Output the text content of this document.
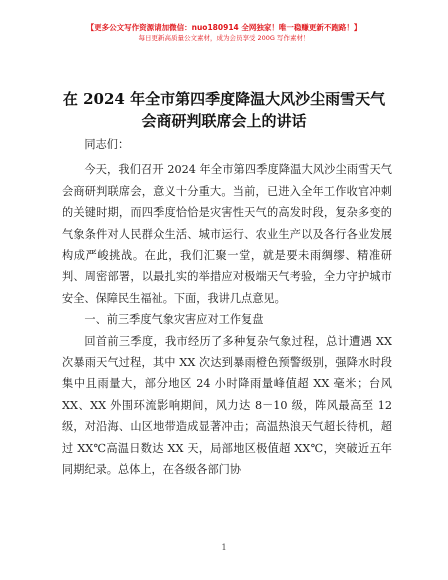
【更多公文写作资源请加微信：nuo180914 全网独家！唯一稳赚更新不跑路！】
每日更新高质量公文素材，成为会员享受 200G 写作素材！
在 2024 年全市第四季度降温大风沙尘雨雪天气
会商研判联席会上的讲话

同志们：

今天，我们召开 2024 年全市第四季度降温大风沙尘雨雪天气会商研判联席会，意义十分重大。当前，已进入全年工作收官冲刺的关键时期，而四季度恰恰是灾害性天气的高发时段，复杂多变的气象条件对人民群众生活、城市运行、农业生产以及各行各业发展构成严峻挑战。在此，我们汇聚一堂，就是要未雨绸缪、精准研判、周密部署，以最扎实的举措应对极端天气考验，全力守护城市安全、保障民生福祉。下面，我讲几点意见。

一、前三季度气象灾害应对工作复盘

回首前三季度，我市经历了多种复杂气象过程，总计遭遇 XX 次暴雨天气过程，其中 XX 次达到暴雨橙色预警级别，强降水时段集中且雨量大，部分地区 24 小时降雨量峰值超 XX 毫米；台风 XX、XX 外围环流影响期间，风力达 8－10 级，阵风最高至 12 级，对沿海、山区地带造成显著冲击；高温热浪天气超长待机，超过 XX℃高温日数达 XX 天，局部地区极值超 XX℃，突破近五年同期纪录。总体上，在各级各部门协

1
